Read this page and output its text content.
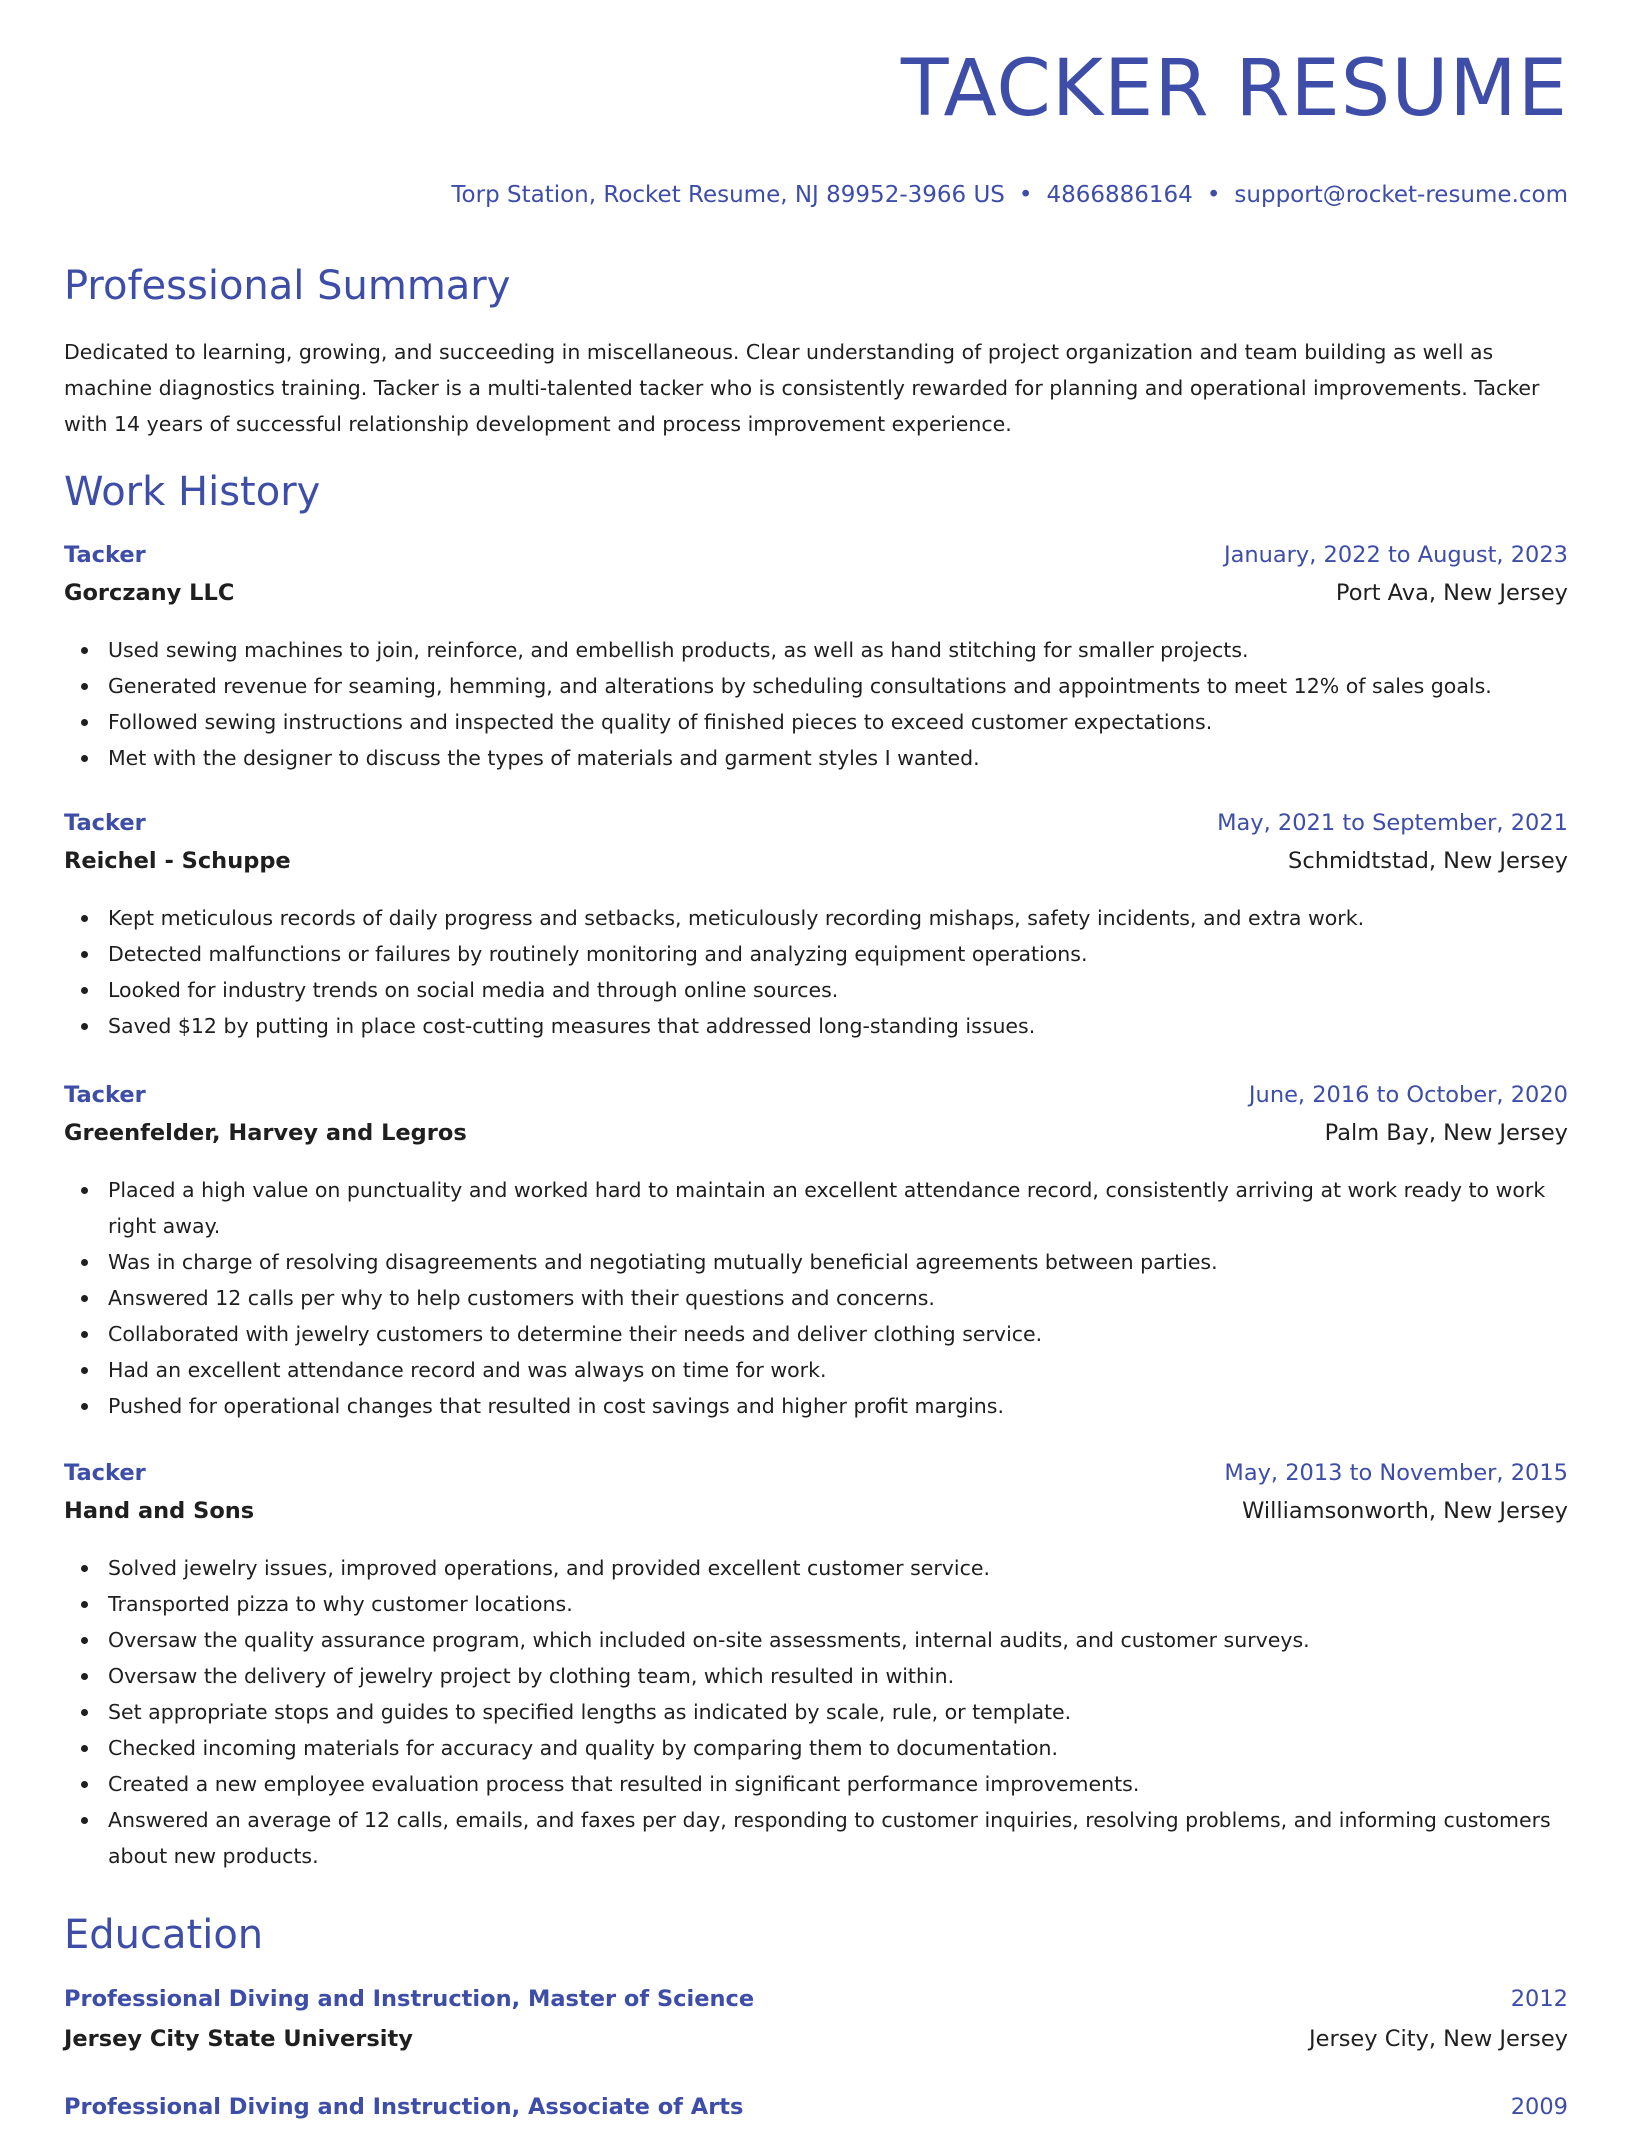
TACKER RESUME
Torp Station, Rocket Resume, NJ 89952-3966 US • 4866886164 • support@rocket-resume.com
Professional Summary

Dedicated to learning, growing, and succeeding in miscellaneous. Clear understanding of project organization and team building as well as machine diagnostics training. Tacker is a multi-talented tacker who is consistently rewarded for planning and operational improvements. Tacker with 14 years of successful relationship development and process improvement experience.

Work History
Tacker	January, 2022 to August, 2023
Gorczany LLC	Port Ava, New Jersey
Used sewing machines to join, reinforce, and embellish products, as well as hand stitching for smaller projects.
Generated revenue for seaming, hemming, and alterations by scheduling consultations and appointments to meet 12% of sales goals.
Followed sewing instructions and inspected the quality of finished pieces to exceed customer expectations.
Met with the designer to discuss the types of materials and garment styles I wanted.
Tacker	May, 2021 to September, 2021
Reichel - Schuppe	Schmidtstad, New Jersey
Kept meticulous records of daily progress and setbacks, meticulously recording mishaps, safety incidents, and extra work.
Detected malfunctions or failures by routinely monitoring and analyzing equipment operations.
Looked for industry trends on social media and through online sources.
Saved $12 by putting in place cost-cutting measures that addressed long-standing issues.
Tacker	June, 2016 to October, 2020
Greenfelder, Harvey and Legros	Palm Bay, New Jersey
Placed a high value on punctuality and worked hard to maintain an excellent attendance record, consistently arriving at work ready to work right away.
Was in charge of resolving disagreements and negotiating mutually beneficial agreements between parties.
Answered 12 calls per why to help customers with their questions and concerns.
Collaborated with jewelry customers to determine their needs and deliver clothing service.
Had an excellent attendance record and was always on time for work.
Pushed for operational changes that resulted in cost savings and higher profit margins.
Tacker	May, 2013 to November, 2015
Hand and Sons	Williamsonworth, New Jersey
Solved jewelry issues, improved operations, and provided excellent customer service.
Transported pizza to why customer locations.
Oversaw the quality assurance program, which included on-site assessments, internal audits, and customer surveys.
Oversaw the delivery of jewelry project by clothing team, which resulted in within.
Set appropriate stops and guides to specified lengths as indicated by scale, rule, or template.
Checked incoming materials for accuracy and quality by comparing them to documentation.
Created a new employee evaluation process that resulted in significant performance improvements.
Answered an average of 12 calls, emails, and faxes per day, responding to customer inquiries, resolving problems, and informing customers about new products.
Education
Professional Diving and Instruction, Master of Science	2012
Jersey City State University	Jersey City, New Jersey
Professional Diving and Instruction, Associate of Arts	2009
